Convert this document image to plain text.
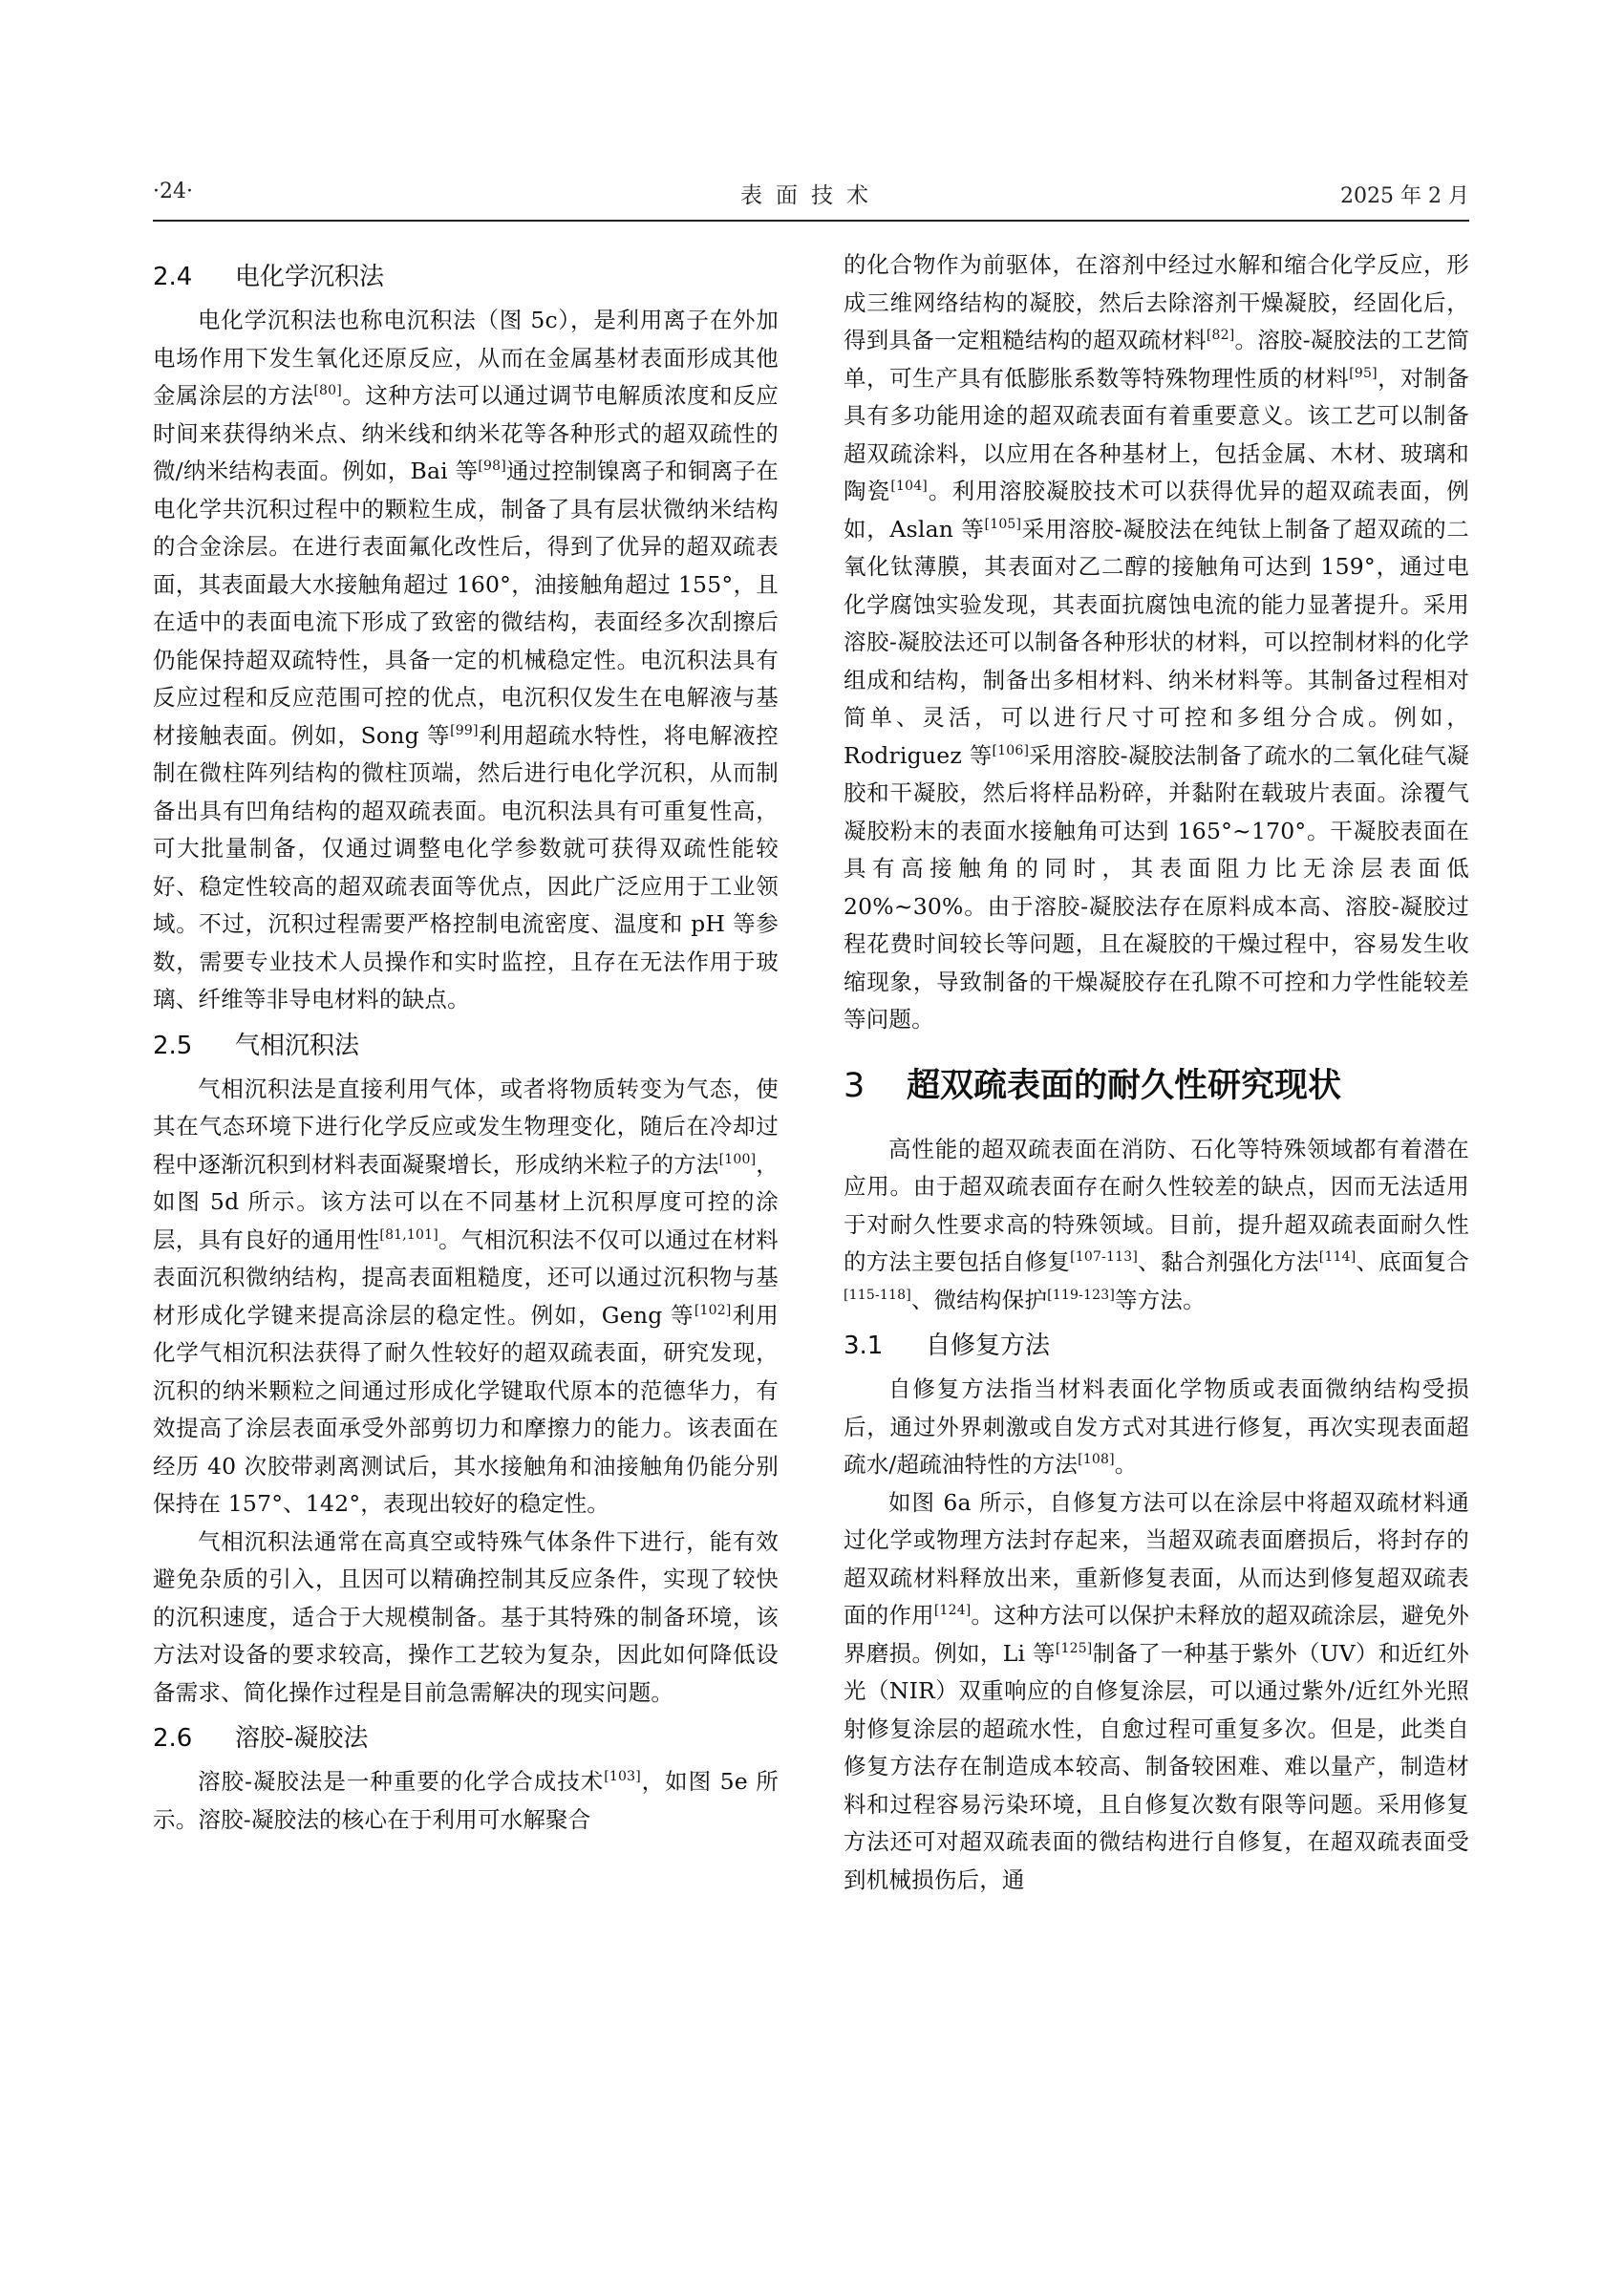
·24·	表面技术	2025 年 2 月
2.4 电化学沉积法

电化学沉积法也称电沉积法（图 5c），是利用离子在外加电场作用下发生氧化还原反应，从而在金属基材表面形成其他金属涂层的方法[80]。这种方法可以通过调节电解质浓度和反应时间来获得纳米点、纳米线和纳米花等各种形式的超双疏性的微/纳米结构表面。例如，Bai 等[98]通过控制镍离子和铜离子在电化学共沉积过程中的颗粒生成，制备了具有层状微纳米结构的合金涂层。在进行表面氟化改性后，得到了优异的超双疏表面，其表面最大水接触角超过 160°，油接触角超过 155°，且在适中的表面电流下形成了致密的微结构，表面经多次刮擦后仍能保持超双疏特性，具备一定的机械稳定性。电沉积法具有反应过程和反应范围可控的优点，电沉积仅发生在电解液与基材接触表面。例如，Song 等[99]利用超疏水特性，将电解液控制在微柱阵列结构的微柱顶端，然后进行电化学沉积，从而制备出具有凹角结构的超双疏表面。电沉积法具有可重复性高，可大批量制备，仅通过调整电化学参数就可获得双疏性能较好、稳定性较高的超双疏表面等优点，因此广泛应用于工业领域。不过，沉积过程需要严格控制电流密度、温度和 pH 等参数，需要专业技术人员操作和实时监控，且存在无法作用于玻璃、纤维等非导电材料的缺点。

2.5 气相沉积法

气相沉积法是直接利用气体，或者将物质转变为气态，使其在气态环境下进行化学反应或发生物理变化，随后在冷却过程中逐渐沉积到材料表面凝聚增长，形成纳米粒子的方法[100]，如图 5d 所示。该方法可以在不同基材上沉积厚度可控的涂层，具有良好的通用性[81,101]。气相沉积法不仅可以通过在材料表面沉积微纳结构，提高表面粗糙度，还可以通过沉积物与基材形成化学键来提高涂层的稳定性。例如，Geng 等[102]利用化学气相沉积法获得了耐久性较好的超双疏表面，研究发现，沉积的纳米颗粒之间通过形成化学键取代原本的范德华力，有效提高了涂层表面承受外部剪切力和摩擦力的能力。该表面在经历 40 次胶带剥离测试后，其水接触角和油接触角仍能分别保持在 157°、142°，表现出较好的稳定性。

气相沉积法通常在高真空或特殊气体条件下进行，能有效避免杂质的引入，且因可以精确控制其反应条件，实现了较快的沉积速度，适合于大规模制备。基于其特殊的制备环境，该方法对设备的要求较高，操作工艺较为复杂，因此如何降低设备需求、简化操作过程是目前急需解决的现实问题。

2.6 溶胶-凝胶法

溶胶-凝胶法是一种重要的化学合成技术[103]，如图 5e 所示。溶胶-凝胶法的核心在于利用可水解聚合

的化合物作为前驱体，在溶剂中经过水解和缩合化学反应，形成三维网络结构的凝胶，然后去除溶剂干燥凝胶，经固化后，得到具备一定粗糙结构的超双疏材料[82]。溶胶-凝胶法的工艺简单，可生产具有低膨胀系数等特殊物理性质的材料[95]，对制备具有多功能用途的超双疏表面有着重要意义。该工艺可以制备超双疏涂料，以应用在各种基材上，包括金属、木材、玻璃和陶瓷[104]。利用溶胶凝胶技术可以获得优异的超双疏表面，例如，Aslan 等[105]采用溶胶-凝胶法在纯钛上制备了超双疏的二氧化钛薄膜，其表面对乙二醇的接触角可达到 159°，通过电化学腐蚀实验发现，其表面抗腐蚀电流的能力显著提升。采用溶胶-凝胶法还可以制备各种形状的材料，可以控制材料的化学组成和结构，制备出多相材料、纳米材料等。其制备过程相对简单、灵活，可以进行尺寸可控和多组分合成。例如，Rodriguez 等[106]采用溶胶-凝胶法制备了疏水的二氧化硅气凝胶和干凝胶，然后将样品粉碎，并黏附在载玻片表面。涂覆气凝胶粉末的表面水接触角可达到 165°~170°。干凝胶表面在具有高接触角的同时，其表面阻力比无涂层表面低 20%~30%。由于溶胶-凝胶法存在原料成本高、溶胶-凝胶过程花费时间较长等问题，且在凝胶的干燥过程中，容易发生收缩现象，导致制备的干燥凝胶存在孔隙不可控和力学性能较差等问题。

3 超双疏表面的耐久性研究现状

高性能的超双疏表面在消防、石化等特殊领域都有着潜在应用。由于超双疏表面存在耐久性较差的缺点，因而无法适用于对耐久性要求高的特殊领域。目前，提升超双疏表面耐久性的方法主要包括自修复[107-113]、黏合剂强化方法[114]、底面复合[115-118]、微结构保护[119-123]等方法。

3.1 自修复方法

自修复方法指当材料表面化学物质或表面微纳结构受损后，通过外界刺激或自发方式对其进行修复，再次实现表面超疏水/超疏油特性的方法[108]。

如图 6a 所示，自修复方法可以在涂层中将超双疏材料通过化学或物理方法封存起来，当超双疏表面磨损后，将封存的超双疏材料释放出来，重新修复表面，从而达到修复超双疏表面的作用[124]。这种方法可以保护未释放的超双疏涂层，避免外界磨损。例如，Li 等[125]制备了一种基于紫外（UV）和近红外光（NIR）双重响应的自修复涂层，可以通过紫外/近红外光照射修复涂层的超疏水性，自愈过程可重复多次。但是，此类自修复方法存在制造成本较高、制备较困难、难以量产，制造材料和过程容易污染环境，且自修复次数有限等问题。采用修复方法还可对超双疏表面的微结构进行自修复，在超双疏表面受到机械损伤后，通
